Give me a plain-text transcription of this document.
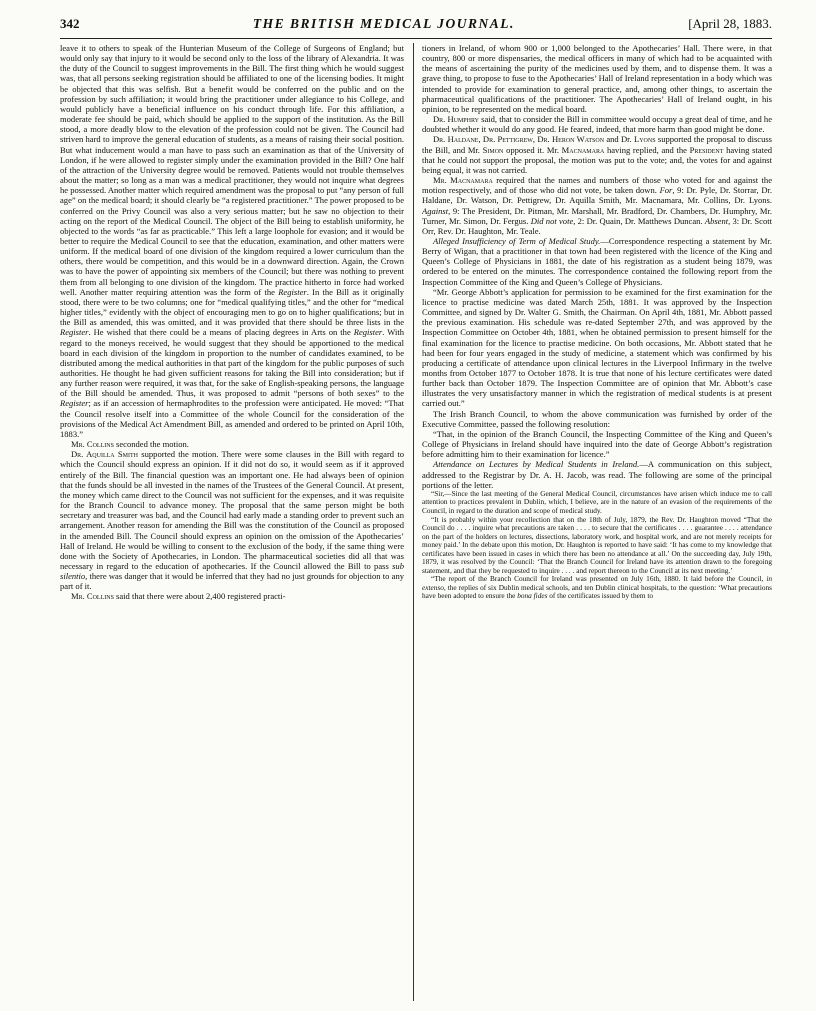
342	THE BRITISH MEDICAL JOURNAL.	[April 28, 1883.

leave it to others to speak of the Hunterian Museum of the College of Surgeons of England; but would only say that injury to it would be second only to the loss of the library of Alexandria. It was the duty of the Council to suggest improvements in the Bill. The first thing which he would suggest was, that all persons seeking registration should be affiliated to one of the licensing bodies. It might be objected that this was selfish. But a benefit would be conferred on the public and on the profession by such affiliation; it would bring the practitioner under allegiance to his College, and would publicly have a beneficial influence on his conduct through life. For this affiliation, a moderate fee should be paid, which should be applied to the support of the institution. As the Bill stood, a more deadly blow to the elevation of the profession could not be given. The Council had striven hard to improve the general education of students, as a means of raising their social position. But what inducement would a man have to pass such an examination as that of the University of London, if he were allowed to register simply under the examination provided in the Bill? One half of the attraction of the University degree would be removed. Patients would not trouble themselves about the matter; so long as a man was a medical practitioner, they would not inquire what degrees he possessed. Another matter which required amendment was the proposal to put “any person of full age” on the medical board; it should clearly be “a registered practitioner.” The power proposed to be conferred on the Privy Council was also a very serious matter; but he saw no objection to their acting on the report of the Medical Council. The object of the Bill being to establish uniformity, he objected to the words “as far as practicable.” This left a large loophole for evasion; and it would be better to require the Medical Council to see that the education, examination, and other matters were uniform. If the medical board of one division of the kingdom required a lower curriculum than the others, there would be competition, and this would be in a downward direction. Again, the Crown was to have the power of appointing six members of the Council; but there was nothing to prevent them from all belonging to one division of the kingdom. The practice hitherto in force had worked well. Another matter requiring attention was the form of the Register. In the Bill as it originally stood, there were to be two columns; one for “medical qualifying titles,” and the other for “medical higher titles,” evidently with the object of encouraging men to go on to higher qualifications; but in the Bill as amended, this was omitted, and it was provided that there should be three lists in the Register. He wished that there could be a means of placing degrees in Arts on the Register. With regard to the moneys received, he would suggest that they should be apportioned to the medical board in each division of the kingdom in proportion to the number of candidates examined, to be distributed among the medical authorities in that part of the kingdom for the public purposes of such authorities. He thought he had given sufficient reasons for taking the Bill into consideration; but if any further reason were required, it was that, for the sake of English-speaking persons, the language of the Bill should be amended. Thus, it was proposed to admit “persons of both sexes” to the Register; as if an accession of hermaphrodites to the profession were anticipated. He moved: “That the Council resolve itself into a Committee of the whole Council for the consideration of the provisions of the Medical Act Amendment Bill, as amended and ordered to be printed on April 10th, 1883.”

Mr. Collins seconded the motion.

Dr. Aquilla Smith supported the motion. There were some clauses in the Bill with regard to which the Council should express an opinion. If it did not do so, it would seem as if it approved entirely of the Bill. The financial question was an important one. He had always been of opinion that the funds should be all invested in the names of the Trustees of the General Council. At present, the money which came direct to the Council was not sufficient for the expenses, and it was requisite for the Branch Council to advance money. The proposal that the same person might be both secretary and treasurer was bad, and the Council had early made a standing order to prevent such an arrangement. Another reason for amending the Bill was the constitution of the Council as proposed in the amended Bill. The Council should express an opinion on the omission of the Apothecaries’ Hall of Ireland. He would be willing to consent to the exclusion of the body, if the same thing were done with the Society of Apothecaries, in London. The pharmaceutical societies did all that was necessary in regard to the education of apothecaries. If the Council allowed the Bill to pass sub silentio, there was danger that it would be inferred that they had no just grounds for objection to any part of it.

Mr. Collins said that there were about 2,400 registered practi-

tioners in Ireland, of whom 900 or 1,000 belonged to the Apothecaries’ Hall. There were, in that country, 800 or more dispensaries, the medical officers in many of which had to be acquainted with the means of ascertaining the purity of the medicines used by them, and to dispense them. It was a grave thing, to propose to fuse to the Apothecaries’ Hall of Ireland representation in a body which was intended to provide for examination to general practice, and, among other things, to ascertain the pharmaceutical qualifications of the practitioner. The Apothecaries’ Hall of Ireland ought, in his opinion, to be represented on the medical board.

Dr. Humphry said, that to consider the Bill in committee would occupy a great deal of time, and he doubted whether it would do any good. He feared, indeed, that more harm than good might be done.

Dr. Haldane, Dr. Pettigrew, Dr. Heron Watson and Dr. Lyons supported the proposal to discuss the Bill, and Mr. Simon opposed it. Mr. Macnamara having replied, and the President having stated that he could not support the proposal, the motion was put to the vote; and, the votes for and against being equal, it was not carried.

Mr. Macnamara required that the names and numbers of those who voted for and against the motion respectively, and of those who did not vote, be taken down. For, 9: Dr. Pyle, Dr. Storrar, Dr. Haldane, Dr. Watson, Dr. Pettigrew, Dr. Aquilla Smith, Mr. Macnamara, Mr. Collins, Dr. Lyons. Against, 9: The President, Dr. Pitman, Mr. Marshall, Mr. Bradford, Dr. Chambers, Dr. Humphry, Mr. Turner, Mr. Simon, Dr. Fergus. Did not vote, 2: Dr. Quain, Dr. Matthews Duncan. Absent, 3: Dr. Scott Orr, Rev. Dr. Haughton, Mr. Teale.

Alleged Insufficiency of Term of Medical Study.—Correspondence respecting a statement by Mr. Berry of Wigan, that a practitioner in that town had been registered with the licence of the King and Queen’s College of Physicians in 1881, the date of his registration as a student being 1879, was ordered to be entered on the minutes. The correspondence contained the following report from the Inspection Committee of the King and Queen’s College of Physicians.

“Mr. George Abbott’s application for permission to be examined for the first examination for the licence to practise medicine was dated March 25th, 1881. It was approved by the Inspection Committee, and signed by Dr. Walter G. Smith, the Chairman. On April 4th, 1881, Mr. Abbott passed the previous examination. His schedule was re-dated September 27th, and was approved by the Inspection Committee on October 4th, 1881, when he obtained permission to present himself for the final examination for the licence to practise medicine. On both occasions, Mr. Abbott stated that he had been for four years engaged in the study of medicine, a statement which was confirmed by his producing a certificate of attendance upon clinical lectures in the Liverpool Infirmary in the twelve months from October 1877 to October 1878. It is true that none of his lecture certificates were dated further back than October 1879. The Inspection Committee are of opinion that Mr. Abbott’s case illustrates the very unsatisfactory manner in which the registration of medical students is at present carried out.”

The Irish Branch Council, to whom the above communication was furnished by order of the Executive Committee, passed the following resolution:

“That, in the opinion of the Branch Council, the Inspecting Committee of the King and Queen’s College of Physicians in Ireland should have inquired into the date of George Abbott’s registration before admitting him to their examination for licence.”

Attendance on Lectures by Medical Students in Ireland.—A communication on this subject, addressed to the Registrar by Dr. A. H. Jacob, was read. The following are some of the principal portions of the letter.

“Sir,—Since the last meeting of the General Medical Council, circumstances have arisen which induce me to call attention to practices prevalent in Dublin, which, I believe, are in the nature of an evasion of the requirements of the Council, in regard to the duration and scope of medical study.

“It is probably within your recollection that on the 18th of July, 1879, the Rev. Dr. Haughton moved “That the Council do . . . . inquire what precautions are taken . . . . to secure that the certificates . . . . guarantee . . . . attendance on the part of the holders on lectures, dissections, laboratory work, and hospital work, and are not merely receipts for money paid.’ In the debate upon this motion, Dr. Haughton is reported to have said: ‘It has come to my knowledge that certificates have been issued in cases in which there has been no attendance at all.’ On the succeeding day, July 19th, 1879, it was resolved by the Council: ‘That the Branch Council for Ireland have its attention drawn to the foregoing statement, and that they be requested to inquire . . . . and report thereon to the Council at its next meeting.’

“The report of the Branch Council for Ireland was presented on July 16th, 1880. It laid before the Council, in extenso, the replies of six Dublin medical schools, and ten Dublin clinical hospitals, to the question: ‘What precautions have been adopted to ensure the bona fides of the certificates issued by them to
